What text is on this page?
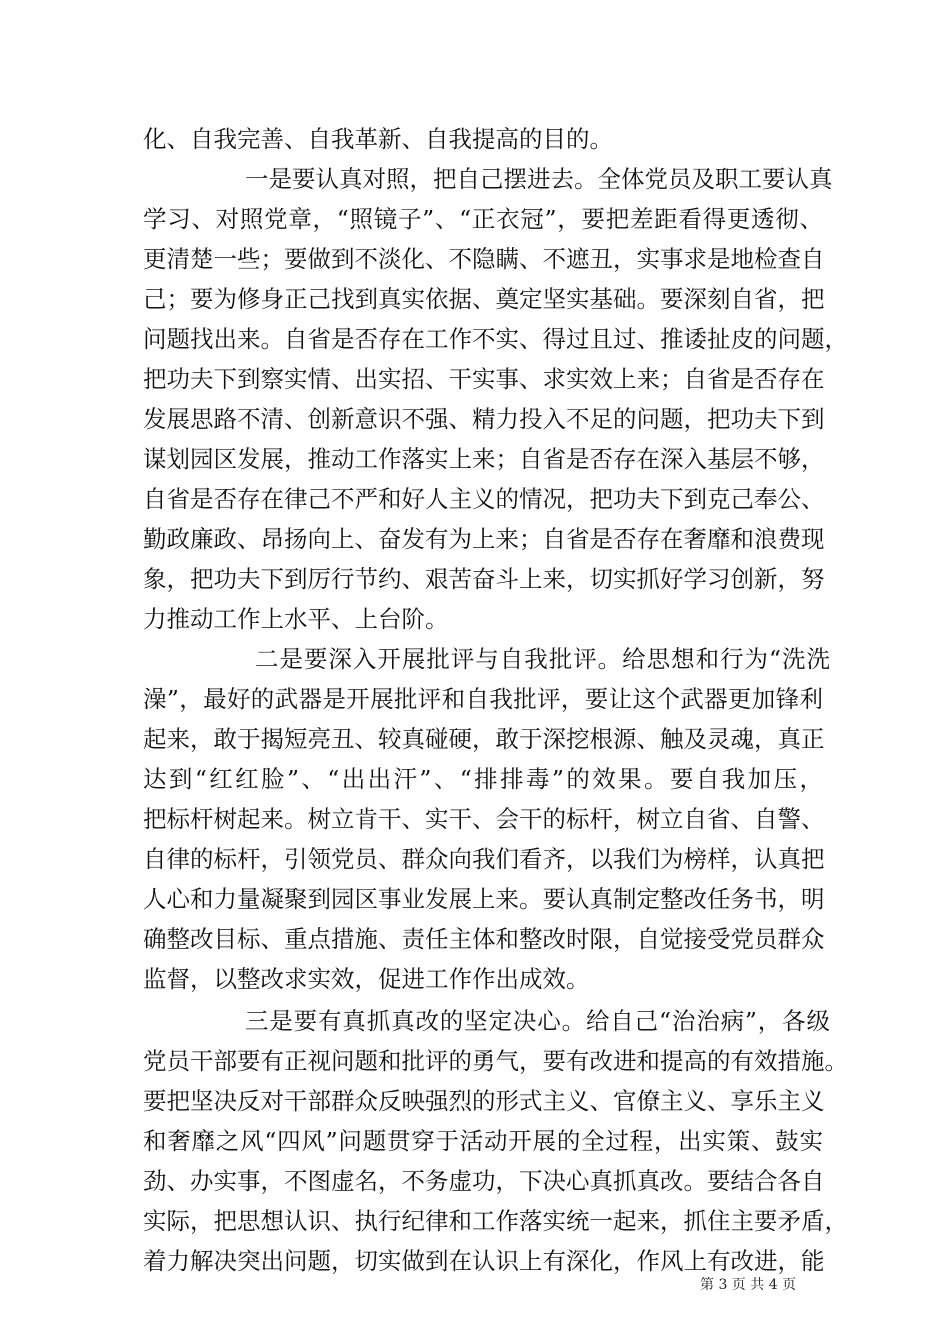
化、自我完善、自我革新、自我提高的目的。
一是要认真对照，把自己摆进去。全体党员及职工要认真
学习、对照党章，“照镜子”、“正衣冠”，要把差距看得更透彻、
更清楚一些；要做到不淡化、不隐瞒、不遮丑，实事求是地检查自
己；要为修身正己找到真实依据、奠定坚实基础。要深刻自省，把
问题找出来。自省是否存在工作不实、得过且过、推诿扯皮的问题，
把功夫下到察实情、出实招、干实事、求实效上来；自省是否存在
发展思路不清、创新意识不强、精力投入不足的问题，把功夫下到
谋划园区发展，推动工作落实上来；自省是否存在深入基层不够，
自省是否存在律己不严和好人主义的情况，把功夫下到克己奉公、
勤政廉政、昂扬向上、奋发有为上来；自省是否存在奢靡和浪费现
象，把功夫下到厉行节约、艰苦奋斗上来，切实抓好学习创新，努
力推动工作上水平、上台阶。
二是要深入开展批评与自我批评。给思想和行为“洗洗
澡”，最好的武器是开展批评和自我批评，要让这个武器更加锋利
起来，敢于揭短亮丑、较真碰硬，敢于深挖根源、触及灵魂，真正
达到“红红脸”、“出出汗”、“排排毒”的效果。要自我加压，
把标杆树起来。树立肯干、实干、会干的标杆，树立自省、自警、
自律的标杆，引领党员、群众向我们看齐，以我们为榜样，认真把
人心和力量凝聚到园区事业发展上来。要认真制定整改任务书，明
确整改目标、重点措施、责任主体和整改时限，自觉接受党员群众
监督，以整改求实效，促进工作作出成效。
三是要有真抓真改的坚定决心。给自己“治治病”，各级
党员干部要有正视问题和批评的勇气，要有改进和提高的有效措施。
要把坚决反对干部群众反映强烈的形式主义、官僚主义、享乐主义
和奢靡之风“四风”问题贯穿于活动开展的全过程，出实策、鼓实
劲、办实事，不图虚名，不务虚功，下决心真抓真改。要结合各自
实际，把思想认识、执行纪律和工作落实统一起来，抓住主要矛盾，
着力解决突出问题，切实做到在认识上有深化，作风上有改进，能
第 3 页 共 4 页
